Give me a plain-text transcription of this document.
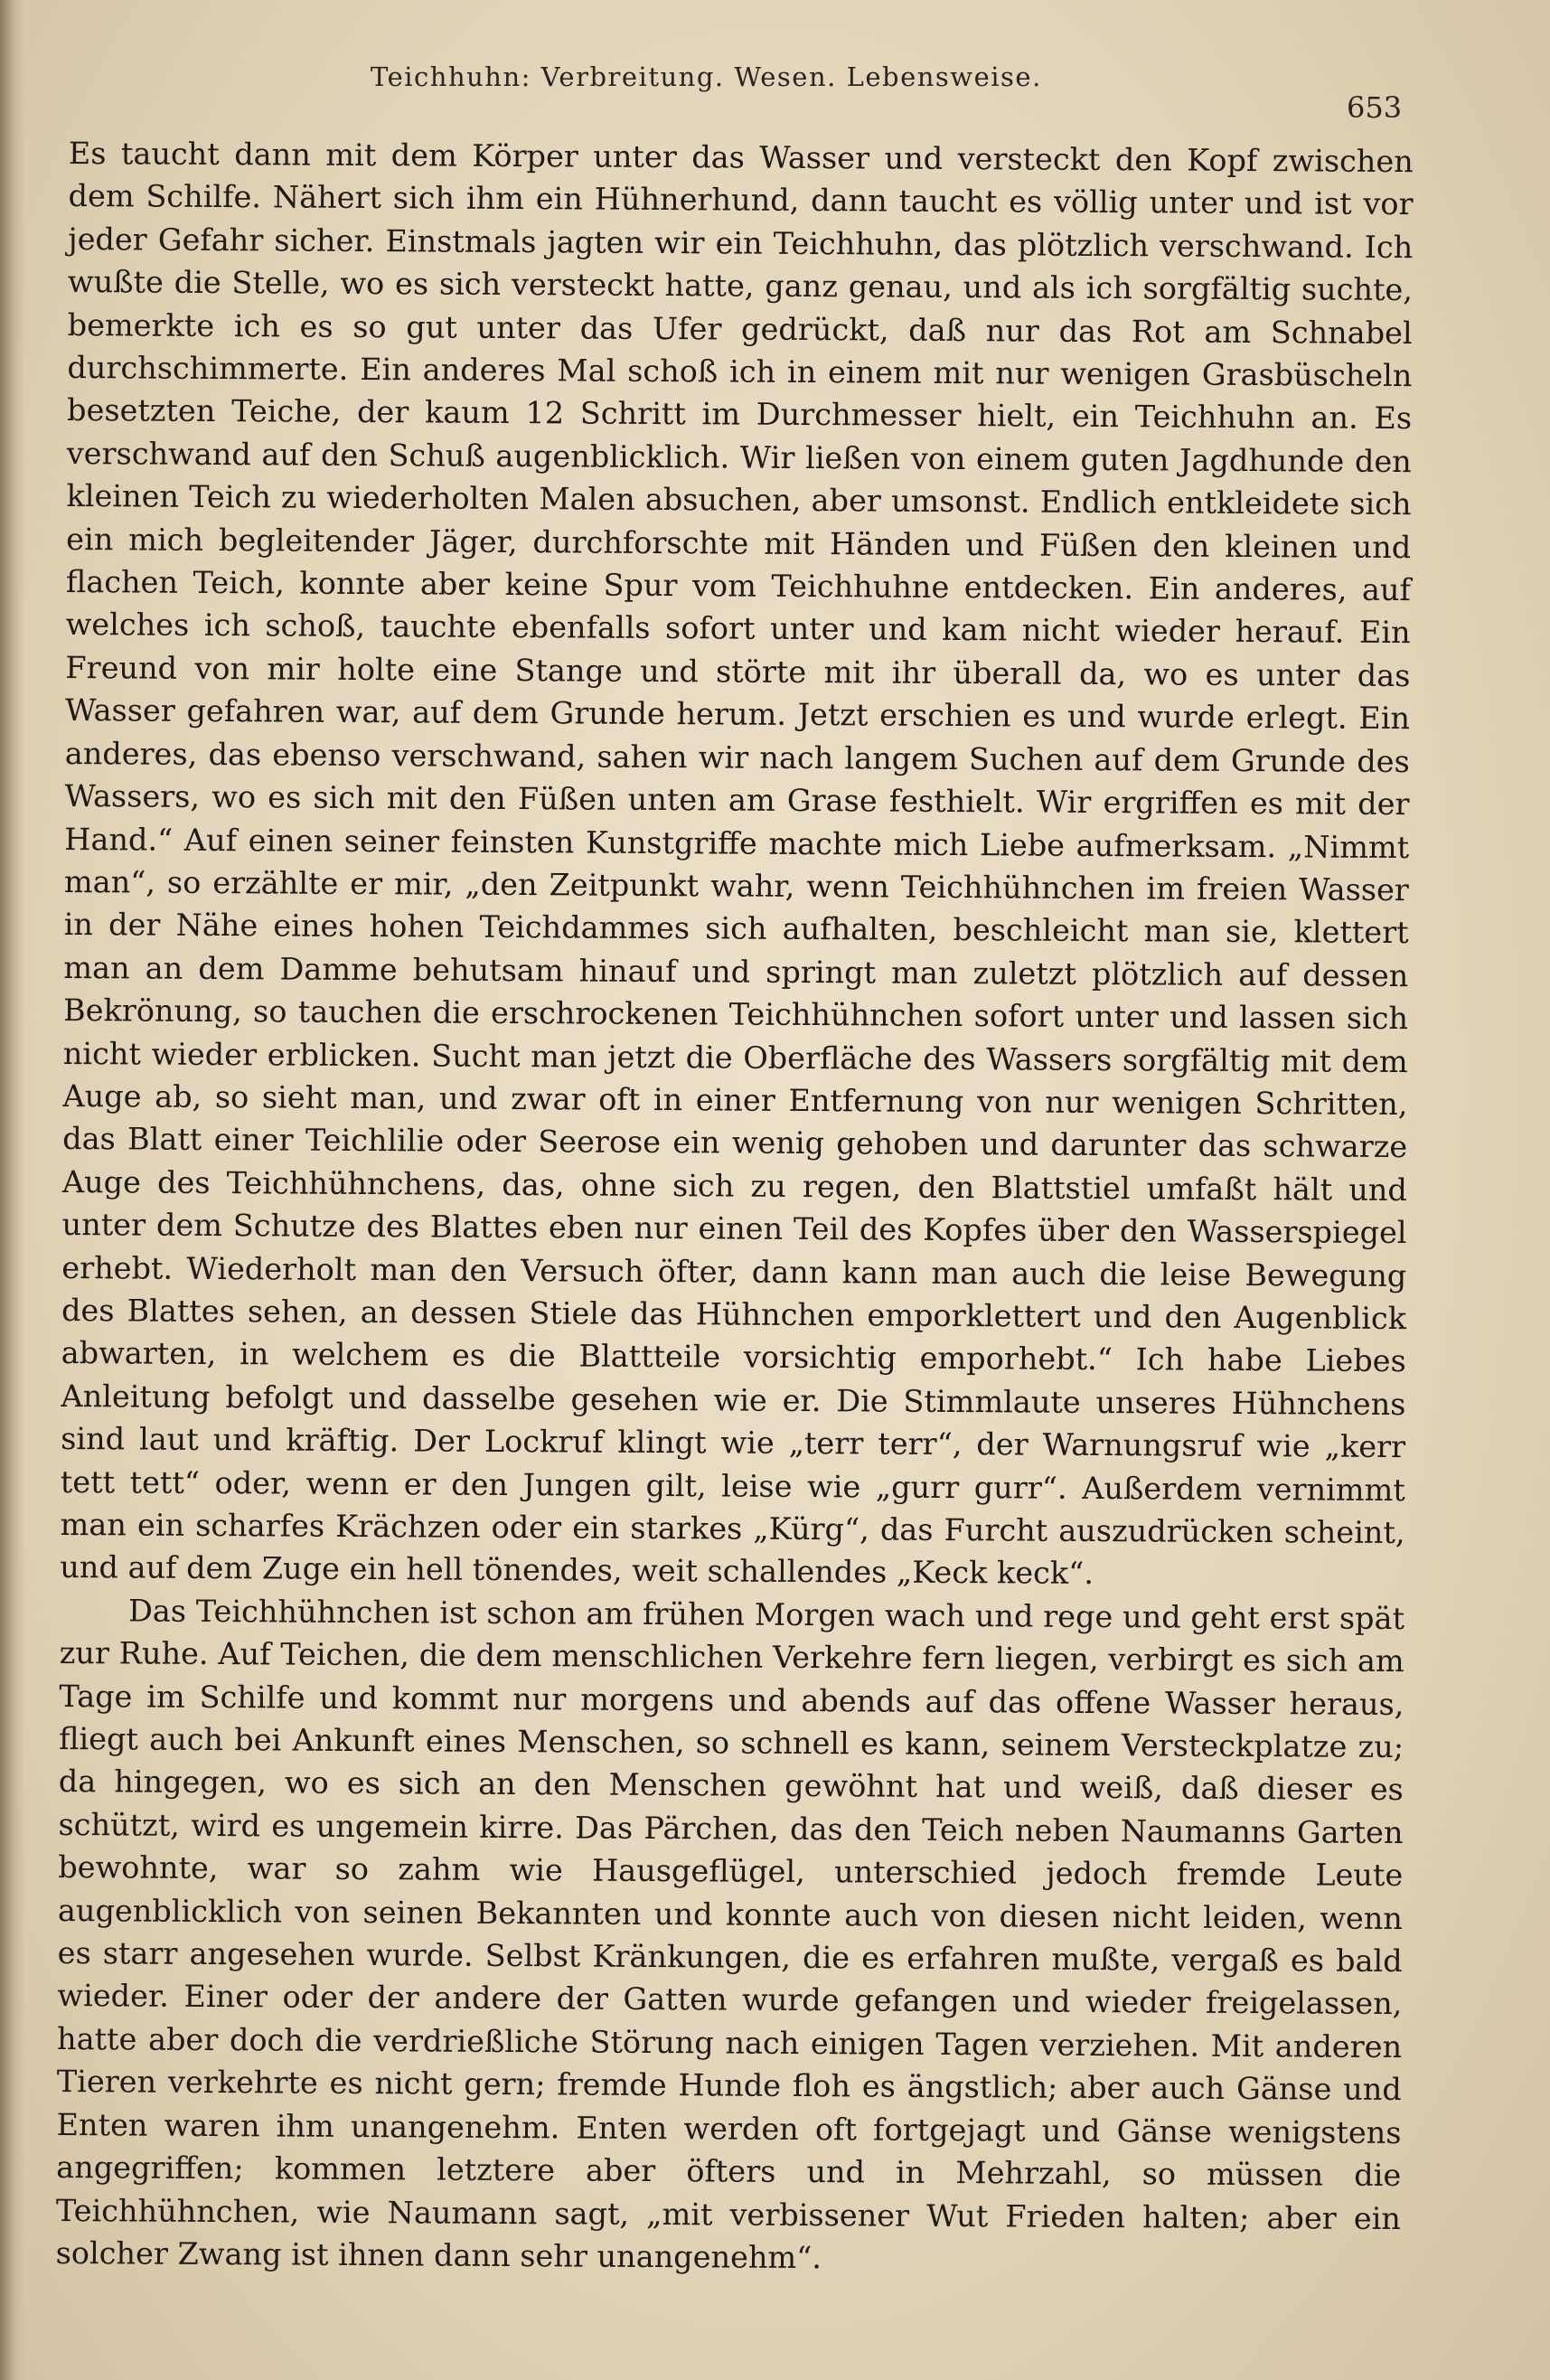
Teichhuhn: Verbreitung. Wesen. Lebensweise.
653

Es taucht dann mit dem Körper unter das Wasser und versteckt den Kopf zwischen dem Schilfe. Nähert sich ihm ein Hühnerhund, dann taucht es völlig unter und ist vor jeder Gefahr sicher. Einstmals jagten wir ein Teichhuhn, das plötzlich verschwand. Ich wußte die Stelle, wo es sich versteckt hatte, ganz genau, und als ich sorgfältig suchte, bemerkte ich es so gut unter das Ufer gedrückt, daß nur das Rot am Schnabel durchschimmerte. Ein anderes Mal schoß ich in einem mit nur wenigen Grasbüscheln besetzten Teiche, der kaum 12 Schritt im Durchmesser hielt, ein Teichhuhn an. Es verschwand auf den Schuß augenblicklich. Wir ließen von einem guten Jagdhunde den kleinen Teich zu wiederholten Malen absuchen, aber umsonst. Endlich entkleidete sich ein mich begleitender Jäger, durchforschte mit Händen und Füßen den kleinen und flachen Teich, konnte aber keine Spur vom Teichhuhne entdecken. Ein anderes, auf welches ich schoß, tauchte ebenfalls sofort unter und kam nicht wieder herauf. Ein Freund von mir holte eine Stange und störte mit ihr überall da, wo es unter das Wasser gefahren war, auf dem Grunde herum. Jetzt erschien es und wurde erlegt. Ein anderes, das ebenso verschwand, sahen wir nach langem Suchen auf dem Grunde des Wassers, wo es sich mit den Füßen unten am Grase festhielt. Wir ergriffen es mit der Hand.“ Auf einen seiner feinsten Kunstgriffe machte mich Liebe aufmerksam. „Nimmt man“, so erzählte er mir, „den Zeitpunkt wahr, wenn Teichhühnchen im freien Wasser in der Nähe eines hohen Teichdammes sich aufhalten, beschleicht man sie, klettert man an dem Damme behutsam hinauf und springt man zuletzt plötzlich auf dessen Bekrönung, so tauchen die erschrockenen Teichhühnchen sofort unter und lassen sich nicht wieder erblicken. Sucht man jetzt die Oberfläche des Wassers sorgfältig mit dem Auge ab, so sieht man, und zwar oft in einer Entfernung von nur wenigen Schritten, das Blatt einer Teichlilie oder Seerose ein wenig gehoben und darunter das schwarze Auge des Teichhühnchens, das, ohne sich zu regen, den Blattstiel umfaßt hält und unter dem Schutze des Blattes eben nur einen Teil des Kopfes über den Wasserspiegel erhebt. Wiederholt man den Versuch öfter, dann kann man auch die leise Bewegung des Blattes sehen, an dessen Stiele das Hühnchen emporklettert und den Augenblick abwarten, in welchem es die Blattteile vorsichtig emporhebt.“ Ich habe Liebes Anleitung befolgt und dasselbe gesehen wie er. Die Stimmlaute unseres Hühnchens sind laut und kräftig. Der Lockruf klingt wie „terr terr“, der Warnungsruf wie „kerr tett tett“ oder, wenn er den Jungen gilt, leise wie „gurr gurr“. Außerdem vernimmt man ein scharfes Krächzen oder ein starkes „Kürg“, das Furcht auszudrücken scheint, und auf dem Zuge ein hell tönendes, weit schallendes „Keck keck“.

Das Teichhühnchen ist schon am frühen Morgen wach und rege und geht erst spät zur Ruhe. Auf Teichen, die dem menschlichen Verkehre fern liegen, verbirgt es sich am Tage im Schilfe und kommt nur morgens und abends auf das offene Wasser heraus, fliegt auch bei Ankunft eines Menschen, so schnell es kann, seinem Versteckplatze zu; da hingegen, wo es sich an den Menschen gewöhnt hat und weiß, daß dieser es schützt, wird es ungemein kirre. Das Pärchen, das den Teich neben Naumanns Garten bewohnte, war so zahm wie Hausgeflügel, unterschied jedoch fremde Leute augenblicklich von seinen Bekannten und konnte auch von diesen nicht leiden, wenn es starr angesehen wurde. Selbst Kränkungen, die es erfahren mußte, vergaß es bald wieder. Einer oder der andere der Gatten wurde gefangen und wieder freigelassen, hatte aber doch die verdrießliche Störung nach einigen Tagen verziehen. Mit anderen Tieren verkehrte es nicht gern; fremde Hunde floh es ängstlich; aber auch Gänse und Enten waren ihm unangenehm. Enten werden oft fortgejagt und Gänse wenigstens angegriffen; kommen letztere aber öfters und in Mehrzahl, so müssen die Teichhühnchen, wie Naumann sagt, „mit verbissener Wut Frieden halten; aber ein solcher Zwang ist ihnen dann sehr unangenehm“.
